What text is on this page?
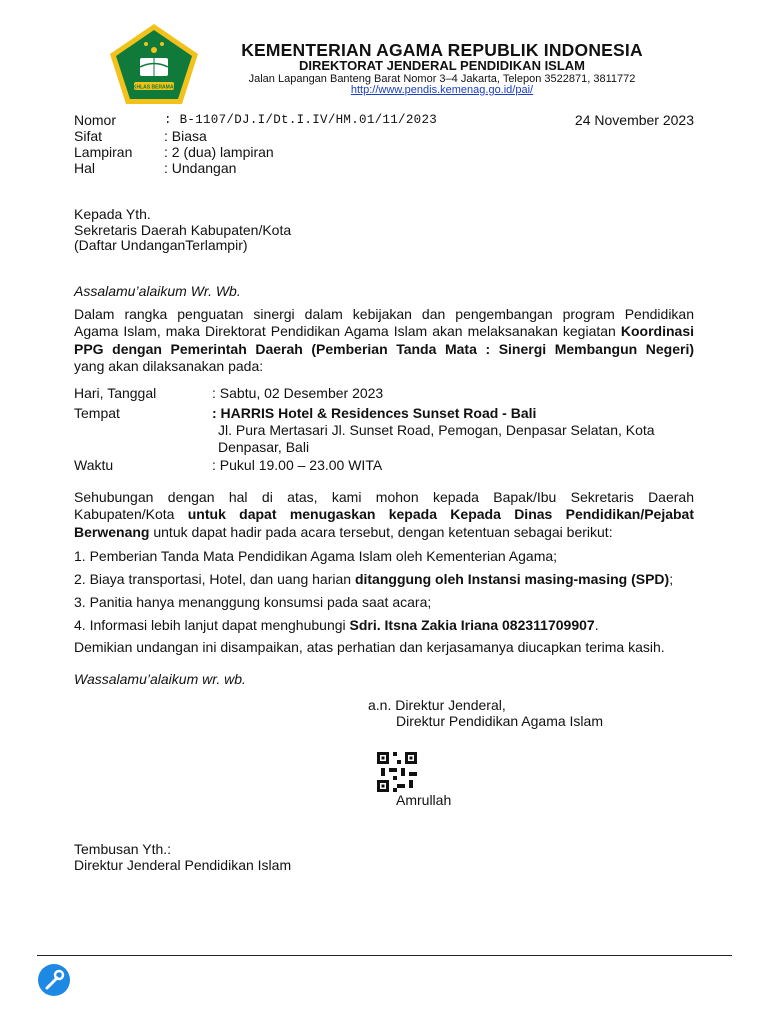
IKHLAS BERAMAL
KEMENTERIAN AGAMA REPUBLIK INDONESIA
DIREKTORAT JENDERAL PENDIDIKAN ISLAM
Jalan Lapangan Banteng Barat Nomor 3–4 Jakarta, Telepon 3522871, 3811772
http://www.pendis.kemenag.go.id/pai/
Nomor	: B-1107/DJ.I/Dt.I.IV/HM.01/11/2023	24 November 2023
Sifat	: Biasa
Lampiran : 2 (dua) lampiran
Hal	: Undangan
Kepada Yth.
Sekretaris Daerah Kabupaten/Kota
(Daftar UndanganTerlampir)
Assalamu’alaikum Wr. Wb.
Dalam rangka penguatan sinergi dalam kebijakan dan pengembangan program Pendidikan
Agama Islam, maka Direktorat Pendidikan Agama Islam akan melaksanakan kegiatan Koordinasi
PPG dengan Pemerintah Daerah (Pemberian Tanda Mata : Sinergi Membangun Negeri)
yang akan dilaksanakan pada:
Hari, Tanggal	: Sabtu, 02 Desember 2023
Tempat	: HARRIS Hotel & Residences Sunset Road - Bali
Jl. Pura Mertasari Jl. Sunset Road, Pemogan, Denpasar Selatan, Kota
Denpasar, Bali
Waktu	: Pukul 19.00 – 23.00 WITA
Sehubungan dengan hal di atas, kami mohon kepada Bapak/Ibu Sekretaris Daerah
Kabupaten/Kota untuk dapat menugaskan kepada Kepada Dinas Pendidikan/Pejabat
Berwenang untuk dapat hadir pada acara tersebut, dengan ketentuan sebagai berikut:
1. Pemberian Tanda Mata Pendidikan Agama Islam oleh Kementerian Agama;
2. Biaya transportasi, Hotel, dan uang harian ditanggung oleh Instansi masing-masing (SPD);
3. Panitia hanya menanggung konsumsi pada saat acara;
4. Informasi lebih lanjut dapat menghubungi Sdri. Itsna Zakia Iriana 082311709907.
Demikian undangan ini disampaikan, atas perhatian dan kerjasamanya diucapkan terima kasih.
Wassalamu’alaikum wr. wb.
a.n. Direktur Jenderal,
Direktur Pendidikan Agama Islam
Amrullah
Tembusan Yth.:
Direktur Jenderal Pendidikan Islam
